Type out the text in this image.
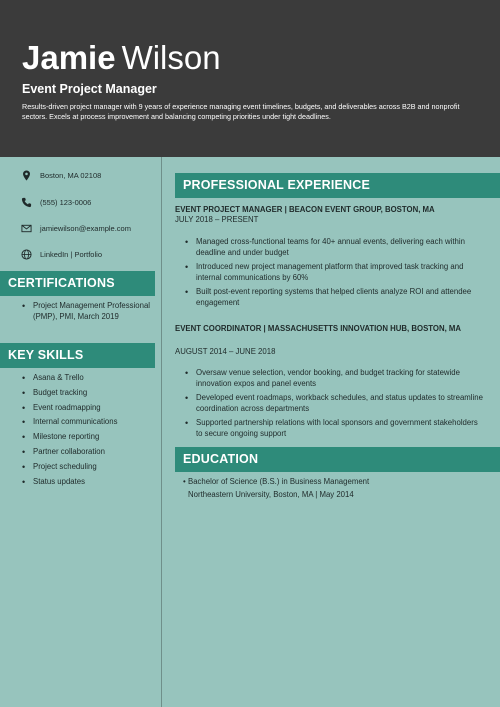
Jamie Wilson
Event Project Manager
Results-driven project manager with 9 years of experience managing event timelines, budgets, and deliverables across B2B and nonprofit sectors. Excels at process improvement and balancing competing priorities under tight deadlines.
Boston, MA 02108
(555) 123-0006
jamiewilson@example.com
LinkedIn | Portfolio
CERTIFICATIONS
• Project Management Professional (PMP), PMI, March 2019
KEY SKILLS
• Asana & Trello
• Budget tracking
• Event roadmapping
• Internal communications
• Milestone reporting
• Partner collaboration
• Project scheduling
• Status updates
PROFESSIONAL EXPERIENCE
EVENT PROJECT MANAGER | BEACON EVENT GROUP, BOSTON, MA
JULY 2018 – PRESENT
• Managed cross-functional teams for 40+ annual events, delivering each within deadline and under budget
• Introduced new project management platform that improved task tracking and internal communications by 60%
• Built post-event reporting systems that helped clients analyze ROI and attendee engagement
EVENT COORDINATOR | MASSACHUSETTS INNOVATION HUB, BOSTON, MA
AUGUST 2014 – JUNE 2018
• Oversaw venue selection, vendor booking, and budget tracking for statewide innovation expos and panel events
• Developed event roadmaps, workback schedules, and status updates to streamline coordination across departments
• Supported partnership relations with local sponsors and government stakeholders to secure ongoing support
EDUCATION
• Bachelor of Science (B.S.) in Business Management
Northeastern University, Boston, MA | May 2014
